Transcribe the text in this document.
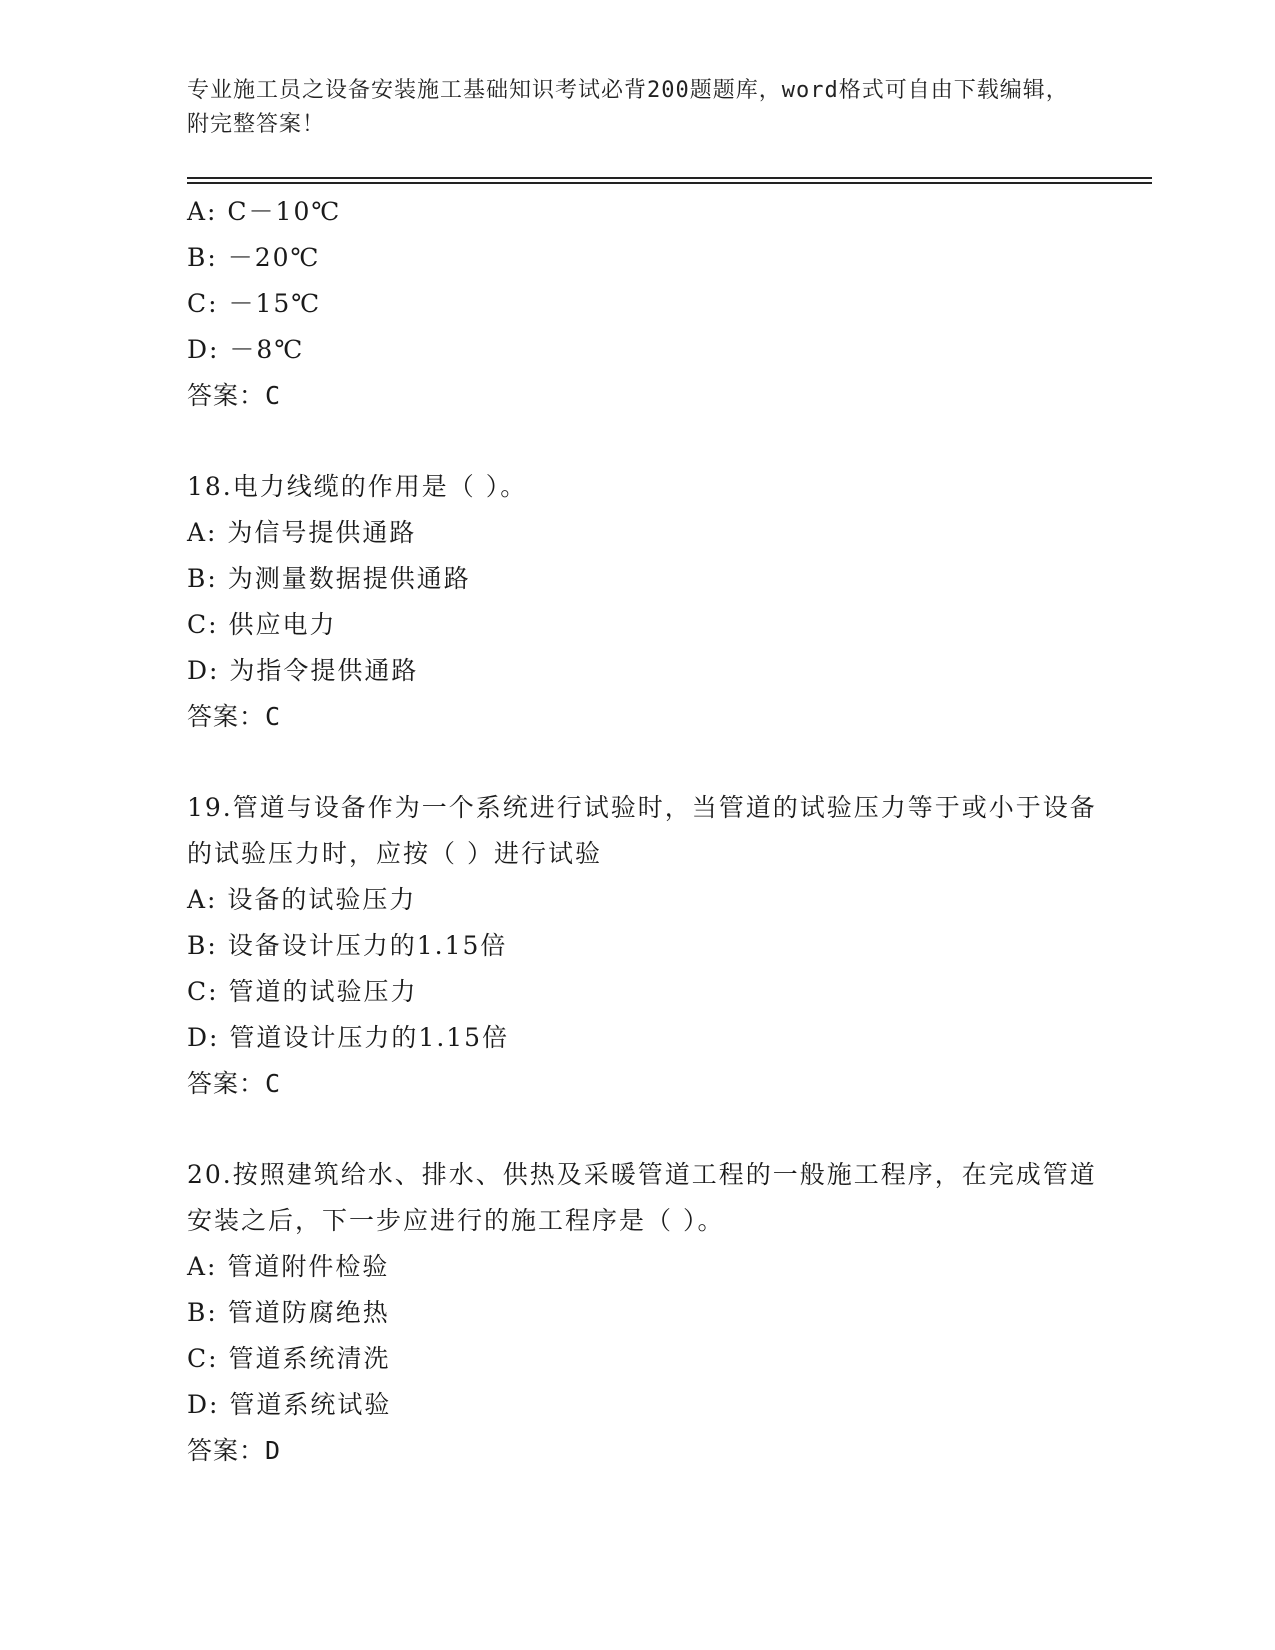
专业施工员之设备安装施工基础知识考试必背200题题库，word格式可自由下载编辑，附完整答案！
A: C－10℃
B: －20℃
C: －15℃
D: －8℃
答案：C
18.电力线缆的作用是（ ）。
A: 为信号提供通路
B: 为测量数据提供通路
C: 供应电力
D: 为指令提供通路
答案：C
19.管道与设备作为一个系统进行试验时，当管道的试验压力等于或小于设备的试验压力时，应按（ ）进行试验
A: 设备的试验压力
B: 设备设计压力的1.15倍
C: 管道的试验压力
D: 管道设计压力的1.15倍
答案：C
20.按照建筑给水、排水、供热及采暖管道工程的一般施工程序，在完成管道安装之后，下一步应进行的施工程序是（ ）。
A: 管道附件检验
B: 管道防腐绝热
C: 管道系统清洗
D: 管道系统试验
答案：D
